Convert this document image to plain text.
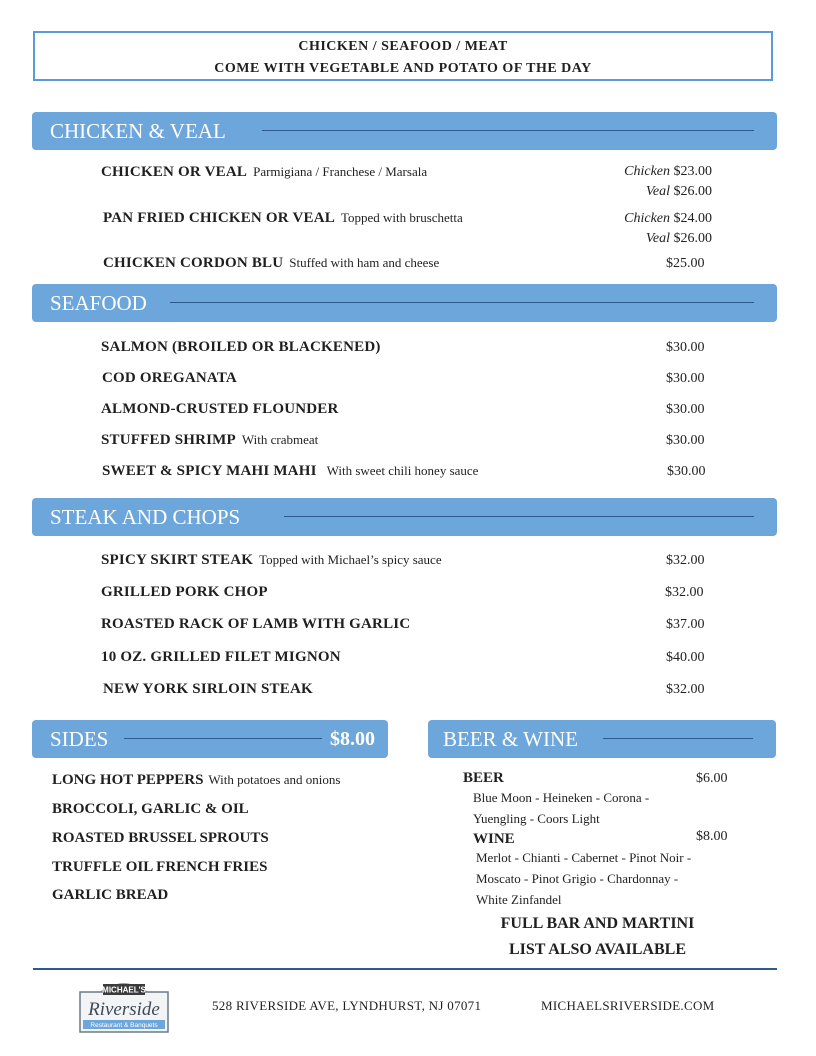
CHICKEN / SEAFOOD / MEAT
COME WITH VEGETABLE AND POTATO OF THE DAY
CHICKEN & VEAL
CHICKEN OR VEAL Parmigiana / Franchese / Marsala	Chicken $23.00
Veal $26.00
PAN FRIED CHICKEN OR VEAL Topped with bruschetta	Chicken $24.00
Veal $26.00
CHICKEN CORDON BLU Stuffed with ham and cheese	$25.00
SEAFOOD
SALMON (BROILED OR BLACKENED)	$30.00
COD OREGANATA	$30.00
ALMOND-CRUSTED FLOUNDER	$30.00
STUFFED SHRIMP With crabmeat	$30.00
SWEET & SPICY MAHI MAHI With sweet chili honey sauce	$30.00
STEAK AND CHOPS
SPICY SKIRT STEAK Topped with Michael’s spicy sauce	$32.00
GRILLED PORK CHOP	$32.00
ROASTED RACK OF LAMB WITH GARLIC	$37.00
10 OZ. GRILLED FILET MIGNON	$40.00
NEW YORK SIRLOIN STEAK	$32.00
SIDES	$8.00
LONG HOT PEPPERS With potatoes and onions
BROCCOLI, GARLIC & OIL
ROASTED BRUSSEL SPROUTS
TRUFFLE OIL FRENCH FRIES
GARLIC BREAD
BEER & WINE
BEER	$6.00
Blue Moon - Heineken - Corona -
Yuengling - Coors Light
WINE	$8.00
Merlot - Chianti - Cabernet - Pinot Noir -
Moscato - Pinot Grigio - Chardonnay -
White Zinfandel
FULL BAR AND MARTINI
LIST ALSO AVAILABLE
MICHAEL'S
Riverside
Restaurant & Banquets
528 RIVERSIDE AVE, LYNDHURST, NJ 07071	MICHAELSRIVERSIDE.COM
